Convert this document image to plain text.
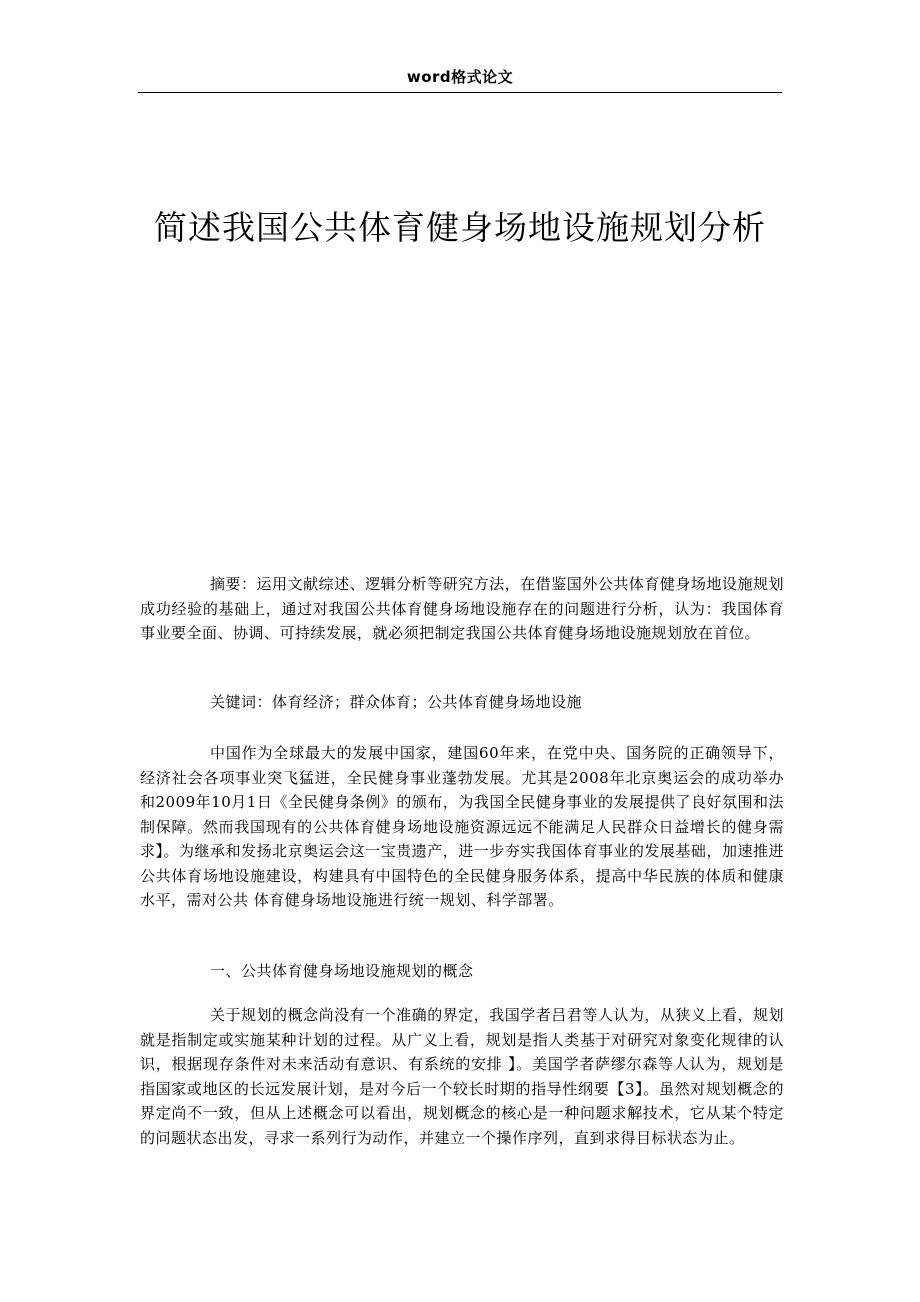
word格式论文
简述我国公共体育健身场地设施规划分析

摘要：运用文献综述、逻辑分析等研究方法，在借鉴国外公共体育健身场地设施规划成功经验的基础上，通过对我国公共体育健身场地设施存在的问题进行分析，认为：我国体育事业要全面、协调、可持续发展，就必须把制定我国公共体育健身场地设施规划放在首位。

关键词：体育经济；群众体育；公共体育健身场地设施

中国作为全球最大的发展中国家，建国60年来，在党中央、国务院的正确领导下，经济社会各项事业突飞猛进，全民健身事业蓬勃发展。尤其是2008年北京奥运会的成功举办和2009年10月1日《全民健身条例》的颁布，为我国全民健身事业的发展提供了良好氛围和法制保障。然而我国现有的公共体育健身场地设施资源远远不能满足人民群众日益增长的健身需求】。为继承和发扬北京奥运会这一宝贵遗产，进一步夯实我国体育事业的发展基础，加速推进公共体育场地设施建设，构建具有中国特色的全民健身服务体系，提高中华民族的体质和健康水平，需对公共 体育健身场地设施进行统一规划、科学部署。

一、公共体育健身场地设施规划的概念

关于规划的概念尚没有一个准确的界定，我国学者吕君等人认为，从狭义上看，规划就是指制定或实施某种计划的过程。从广义上看，规划是指人类基于对研究对象变化规律的认识，根据现存条件对未来活动有意识、有系统的安排 】。美国学者萨缪尔森等人认为，规划是指国家或地区的长远发展计划，是对今后一个较长时期的指导性纲要【3】。虽然对规划概念的界定尚不一致，但从上述概念可以看出，规划概念的核心是一种问题求解技术，它从某个特定的问题状态出发，寻求一系列行为动作，并建立一个操作序列，直到求得目标状态为止。
